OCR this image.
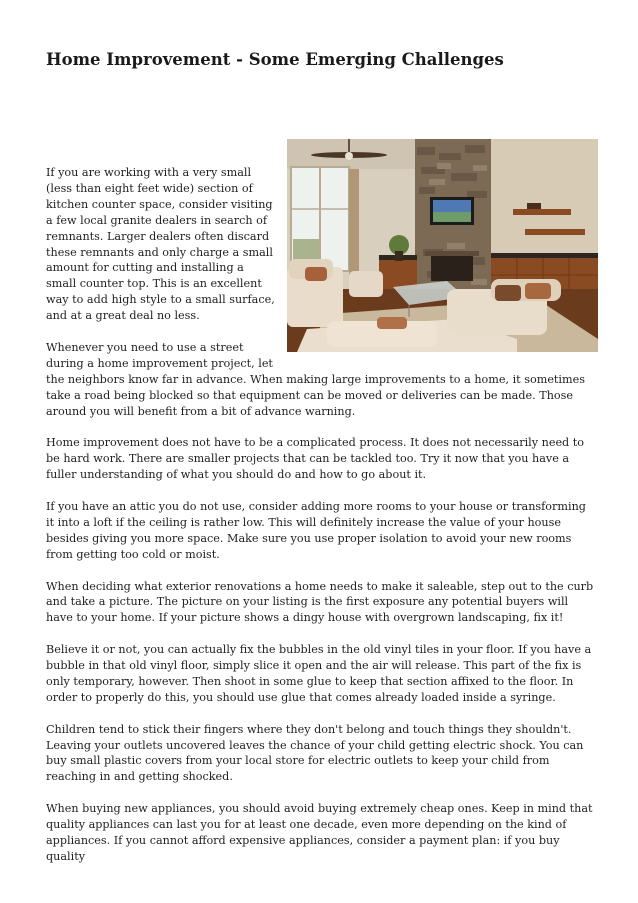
Home Improvement - Some Emerging Challenges

If you are working with a very small (less than eight feet wide) section of kitchen counter space, consider visiting a few local granite dealers in search of remnants. Larger dealers often discard these remnants and only charge a small amount for cutting and installing a small counter top. This is an excellent way to add high style to a small surface, and at a great deal no less.

Whenever you need to use a street during a home improvement project, let the neighbors know far in advance. When making large improvements to a home, it sometimes take a road being blocked so that equipment can be moved or deliveries can be made. Those around you will benefit from a bit of advance warning.

Home improvement does not have to be a complicated process. It does not necessarily need to be hard work. There are smaller projects that can be tackled too. Try it now that you have a fuller understanding of what you should do and how to go about it.

If you have an attic you do not use, consider adding more rooms to your house or transforming it into a loft if the ceiling is rather low. This will definitely increase the value of your house besides giving you more space. Make sure you use proper isolation to avoid your new rooms from getting too cold or moist.

When deciding what exterior renovations a home needs to make it saleable, step out to the curb and take a picture. The picture on your listing is the first exposure any potential buyers will have to your home. If your picture shows a dingy house with overgrown landscaping, fix it!

Believe it or not, you can actually fix the bubbles in the old vinyl tiles in your floor. If you have a bubble in that old vinyl floor, simply slice it open and the air will release. This part of the fix is only temporary, however. Then shoot in some glue to keep that section affixed to the floor. In order to properly do this, you should use glue that comes already loaded inside a syringe.

Children tend to stick their fingers where they don't belong and touch things they shouldn't. Leaving your outlets uncovered leaves the chance of your child getting electric shock. You can buy small plastic covers from your local store for electric outlets to keep your child from reaching in and getting shocked.

When buying new appliances, you should avoid buying extremely cheap ones. Keep in mind that quality appliances can last you for at least one decade, even more depending on the kind of appliances. If you cannot afford expensive appliances, consider a payment plan: if you buy quality
